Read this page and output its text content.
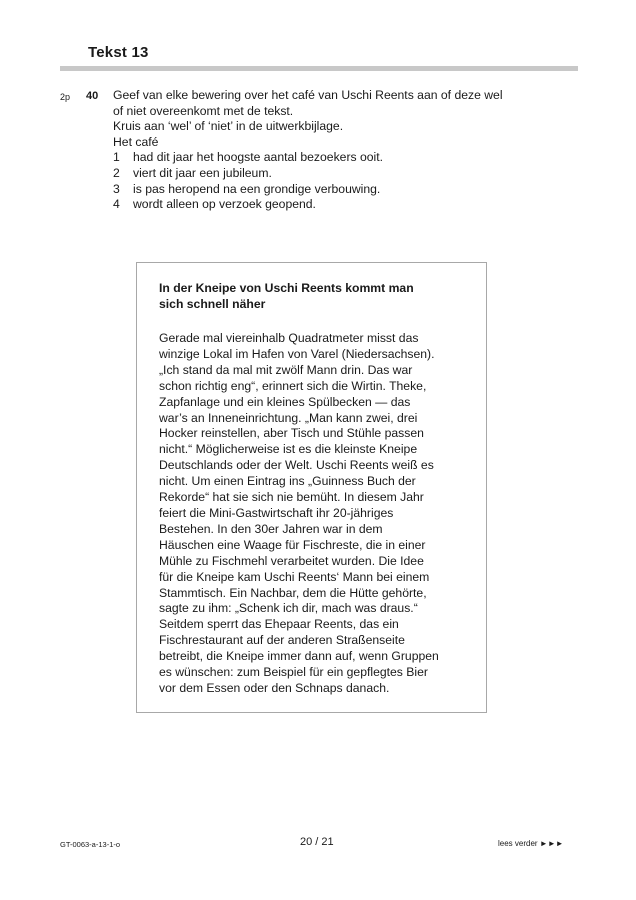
Tekst 13
2p 40 Geef van elke bewering over het café van Uschi Reents aan of deze wel

of niet overeenkomt met de tekst.

Kruis aan ‘wel’ of ‘niet’ in de uitwerkbijlage.

Het café

1 had dit jaar het hoogste aantal bezoekers ooit.
2 viert dit jaar een jubileum.
3 is pas heropend na een grondige verbouwing.
4 wordt alleen op verzoek geopend.
In der Kneipe von Uschi Reents kommt man
sich schnell näher
Gerade mal viereinhalb Quadratmeter misst das
winzige Lokal im Hafen von Varel (Niedersachsen).
„Ich stand da mal mit zwölf Mann drin. Das war
schon richtig eng“, erinnert sich die Wirtin. Theke,
Zapfanlage und ein kleines Spülbecken — das
war’s an Inneneinrichtung. „Man kann zwei, drei
Hocker reinstellen, aber Tisch und Stühle passen
nicht.“ Möglicherweise ist es die kleinste Kneipe
Deutschlands oder der Welt. Uschi Reents weiß es
nicht. Um einen Eintrag ins „Guinness Buch der
Rekorde“ hat sie sich nie bemüht. In diesem Jahr
feiert die Mini-Gastwirtschaft ihr 20-jähriges
Bestehen. In den 30er Jahren war in dem
Häuschen eine Waage für Fischreste, die in einer
Mühle zu Fischmehl verarbeitet wurden. Die Idee
für die Kneipe kam Uschi Reents‘ Mann bei einem
Stammtisch. Ein Nachbar, dem die Hütte gehörte,
sagte zu ihm: „Schenk ich dir, mach was draus.“
Seitdem sperrt das Ehepaar Reents, das ein
Fischrestaurant auf der anderen Straßenseite
betreibt, die Kneipe immer dann auf, wenn Gruppen
es wünschen: zum Beispiel für ein gepflegtes Bier
vor dem Essen oder den Schnaps danach.
GT-0063-a-13-1-o	20 / 21	lees verder ►►►
